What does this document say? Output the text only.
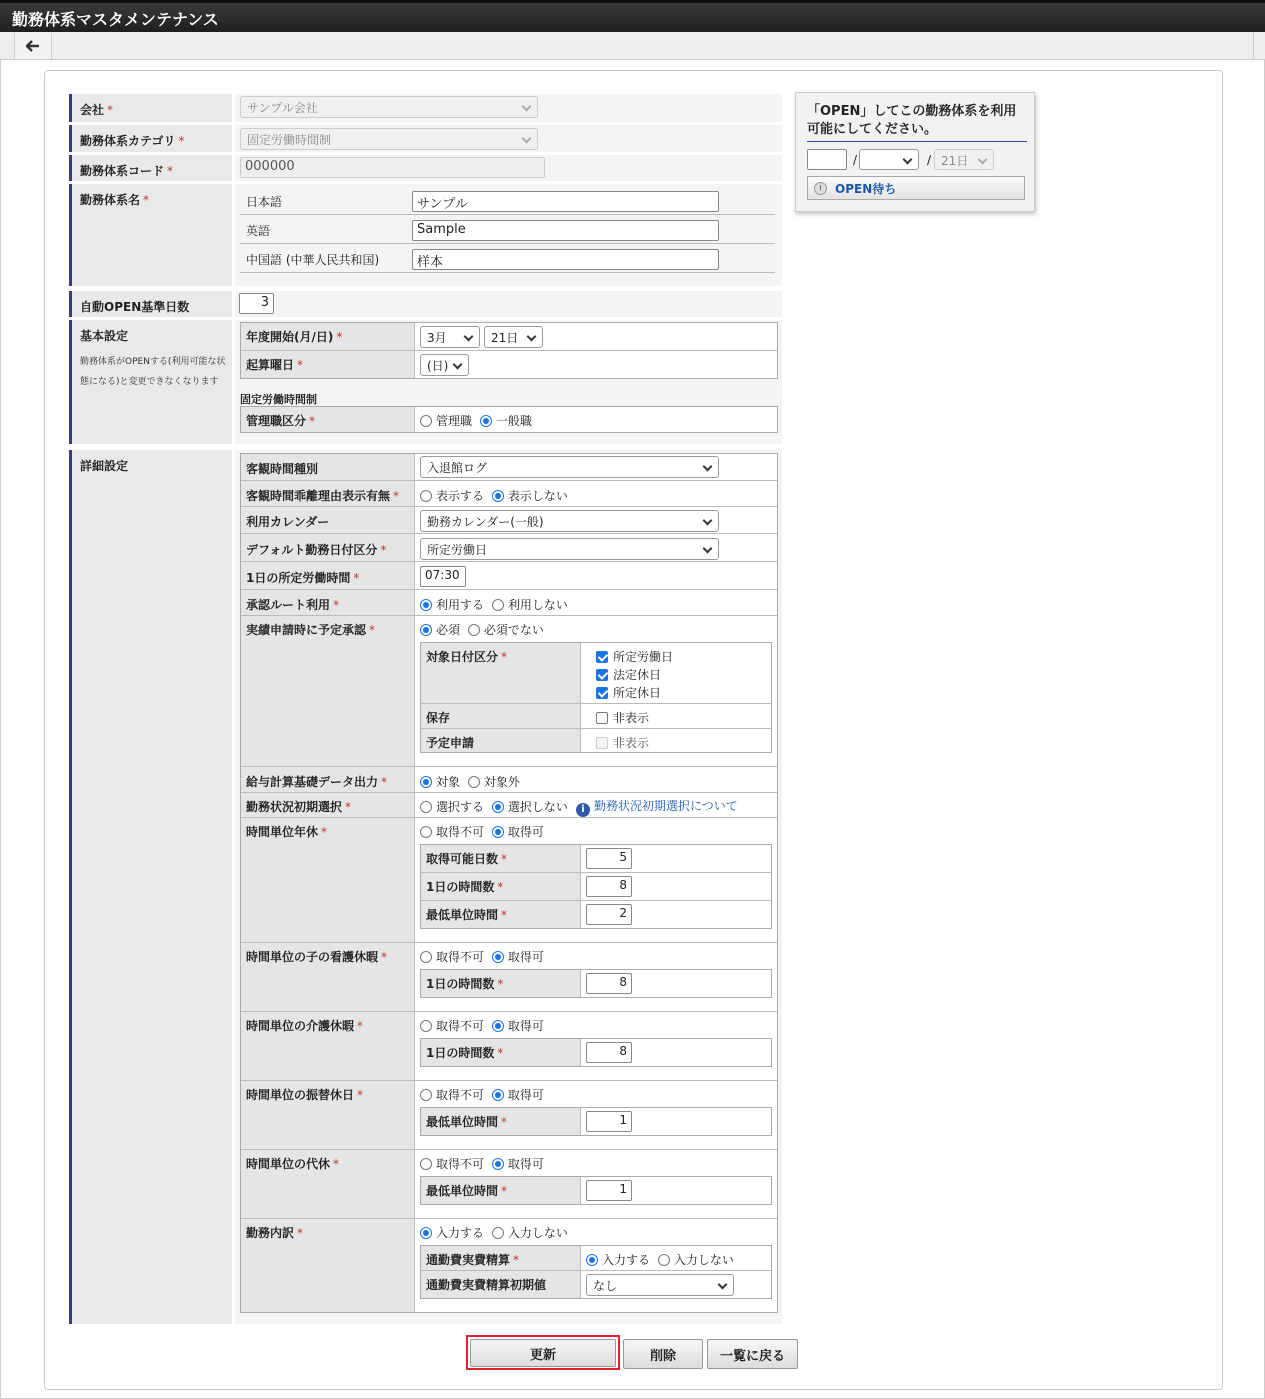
勤務体系マスタメンテナンス
会社 *	サンプル会社
勤務体系カテゴリ *	固定労働時間制
勤務体系コード *	000000
勤務体系名 *	日本語	サンプル
英語	Sample
中国語 (中華人民共和国)	样本
自動OPEN基準日数	3
基本設定
勤務体系がOPENする(利用可能な状態になる)と変更できなくなります
年度開始(月/日) *	3月	21日
起算曜日 *	(日)
固定労働時間制
管理職区分 *	管理職 一般職
詳細設定	客観時間種別	入退館ログ
客観時間乖離理由表示有無 *	表示する 表示しない
利用カレンダー	勤務カレンダー(一般)
デフォルト勤務日付区分 *	所定労働日
1日の所定労働時間 *	07:30
承認ルート利用 *	利用する 利用しない
実績申請時に予定承認 *	必須 必須でない
対象日付区分 *	所定労働日
法定休日
所定休日
保存	非表示
予定申請	非表示
給与計算基礎データ出力 *	対象 対象外
勤務状況初期選択 *	選択する 選択しない	i 勤務状況初期選択について
時間単位年休 *	取得不可 取得可
取得可能日数 *	5
1日の時間数 *	8
最低単位時間 *	2
時間単位の子の看護休暇 *	取得不可 取得可
1日の時間数 *	8
時間単位の介護休暇 *	取得不可 取得可
1日の時間数 *	8
時間単位の振替休日 *	取得不可 取得可
最低単位時間 *	1
時間単位の代休 *	取得不可 取得可
最低単位時間 *	1
勤務内訳 *	入力する 入力しない
通勤費実費精算 *	入力する 入力しない
通勤費実費精算初期値	なし
更新	削除	一覧に戻る
「OPEN」してこの勤務体系を利用可能にしてください。
/	/ 21日
OPEN待ち
